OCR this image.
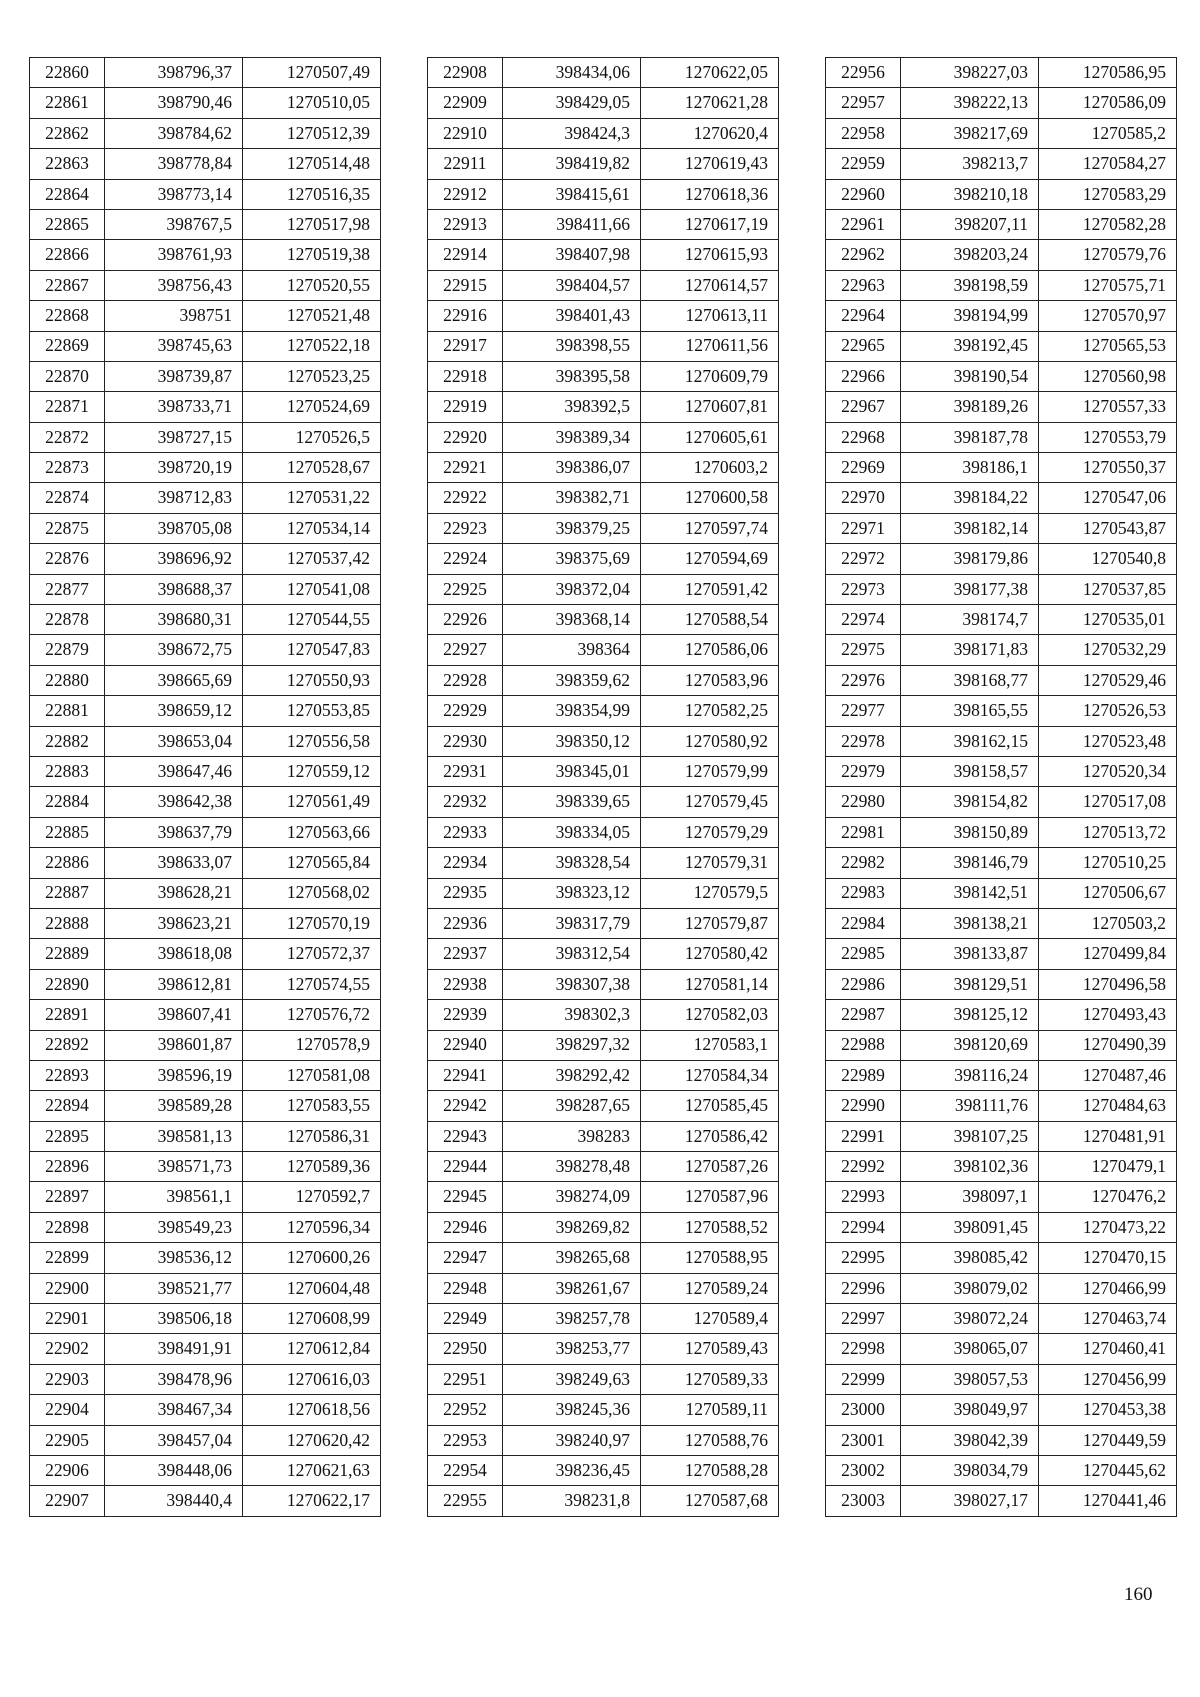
22860	398796,37	1270507,49
22861	398790,46	1270510,05
22862	398784,62	1270512,39
22863	398778,84	1270514,48
22864	398773,14	1270516,35
22865	398767,5	1270517,98
22866	398761,93	1270519,38
22867	398756,43	1270520,55
22868	398751	1270521,48
22869	398745,63	1270522,18
22870	398739,87	1270523,25
22871	398733,71	1270524,69
22872	398727,15	1270526,5
22873	398720,19	1270528,67
22874	398712,83	1270531,22
22875	398705,08	1270534,14
22876	398696,92	1270537,42
22877	398688,37	1270541,08
22878	398680,31	1270544,55
22879	398672,75	1270547,83
22880	398665,69	1270550,93
22881	398659,12	1270553,85
22882	398653,04	1270556,58
22883	398647,46	1270559,12
22884	398642,38	1270561,49
22885	398637,79	1270563,66
22886	398633,07	1270565,84
22887	398628,21	1270568,02
22888	398623,21	1270570,19
22889	398618,08	1270572,37
22890	398612,81	1270574,55
22891	398607,41	1270576,72
22892	398601,87	1270578,9
22893	398596,19	1270581,08
22894	398589,28	1270583,55
22895	398581,13	1270586,31
22896	398571,73	1270589,36
22897	398561,1	1270592,7
22898	398549,23	1270596,34
22899	398536,12	1270600,26
22900	398521,77	1270604,48
22901	398506,18	1270608,99
22902	398491,91	1270612,84
22903	398478,96	1270616,03
22904	398467,34	1270618,56
22905	398457,04	1270620,42
22906	398448,06	1270621,63
22907	398440,4	1270622,17
22908	398434,06	1270622,05
22909	398429,05	1270621,28
22910	398424,3	1270620,4
22911	398419,82	1270619,43
22912	398415,61	1270618,36
22913	398411,66	1270617,19
22914	398407,98	1270615,93
22915	398404,57	1270614,57
22916	398401,43	1270613,11
22917	398398,55	1270611,56
22918	398395,58	1270609,79
22919	398392,5	1270607,81
22920	398389,34	1270605,61
22921	398386,07	1270603,2
22922	398382,71	1270600,58
22923	398379,25	1270597,74
22924	398375,69	1270594,69
22925	398372,04	1270591,42
22926	398368,14	1270588,54
22927	398364	1270586,06
22928	398359,62	1270583,96
22929	398354,99	1270582,25
22930	398350,12	1270580,92
22931	398345,01	1270579,99
22932	398339,65	1270579,45
22933	398334,05	1270579,29
22934	398328,54	1270579,31
22935	398323,12	1270579,5
22936	398317,79	1270579,87
22937	398312,54	1270580,42
22938	398307,38	1270581,14
22939	398302,3	1270582,03
22940	398297,32	1270583,1
22941	398292,42	1270584,34
22942	398287,65	1270585,45
22943	398283	1270586,42
22944	398278,48	1270587,26
22945	398274,09	1270587,96
22946	398269,82	1270588,52
22947	398265,68	1270588,95
22948	398261,67	1270589,24
22949	398257,78	1270589,4
22950	398253,77	1270589,43
22951	398249,63	1270589,33
22952	398245,36	1270589,11
22953	398240,97	1270588,76
22954	398236,45	1270588,28
22955	398231,8	1270587,68
22956	398227,03	1270586,95
22957	398222,13	1270586,09
22958	398217,69	1270585,2
22959	398213,7	1270584,27
22960	398210,18	1270583,29
22961	398207,11	1270582,28
22962	398203,24	1270579,76
22963	398198,59	1270575,71
22964	398194,99	1270570,97
22965	398192,45	1270565,53
22966	398190,54	1270560,98
22967	398189,26	1270557,33
22968	398187,78	1270553,79
22969	398186,1	1270550,37
22970	398184,22	1270547,06
22971	398182,14	1270543,87
22972	398179,86	1270540,8
22973	398177,38	1270537,85
22974	398174,7	1270535,01
22975	398171,83	1270532,29
22976	398168,77	1270529,46
22977	398165,55	1270526,53
22978	398162,15	1270523,48
22979	398158,57	1270520,34
22980	398154,82	1270517,08
22981	398150,89	1270513,72
22982	398146,79	1270510,25
22983	398142,51	1270506,67
22984	398138,21	1270503,2
22985	398133,87	1270499,84
22986	398129,51	1270496,58
22987	398125,12	1270493,43
22988	398120,69	1270490,39
22989	398116,24	1270487,46
22990	398111,76	1270484,63
22991	398107,25	1270481,91
22992	398102,36	1270479,1
22993	398097,1	1270476,2
22994	398091,45	1270473,22
22995	398085,42	1270470,15
22996	398079,02	1270466,99
22997	398072,24	1270463,74
22998	398065,07	1270460,41
22999	398057,53	1270456,99
23000	398049,97	1270453,38
23001	398042,39	1270449,59
23002	398034,79	1270445,62
23003	398027,17	1270441,46
160
